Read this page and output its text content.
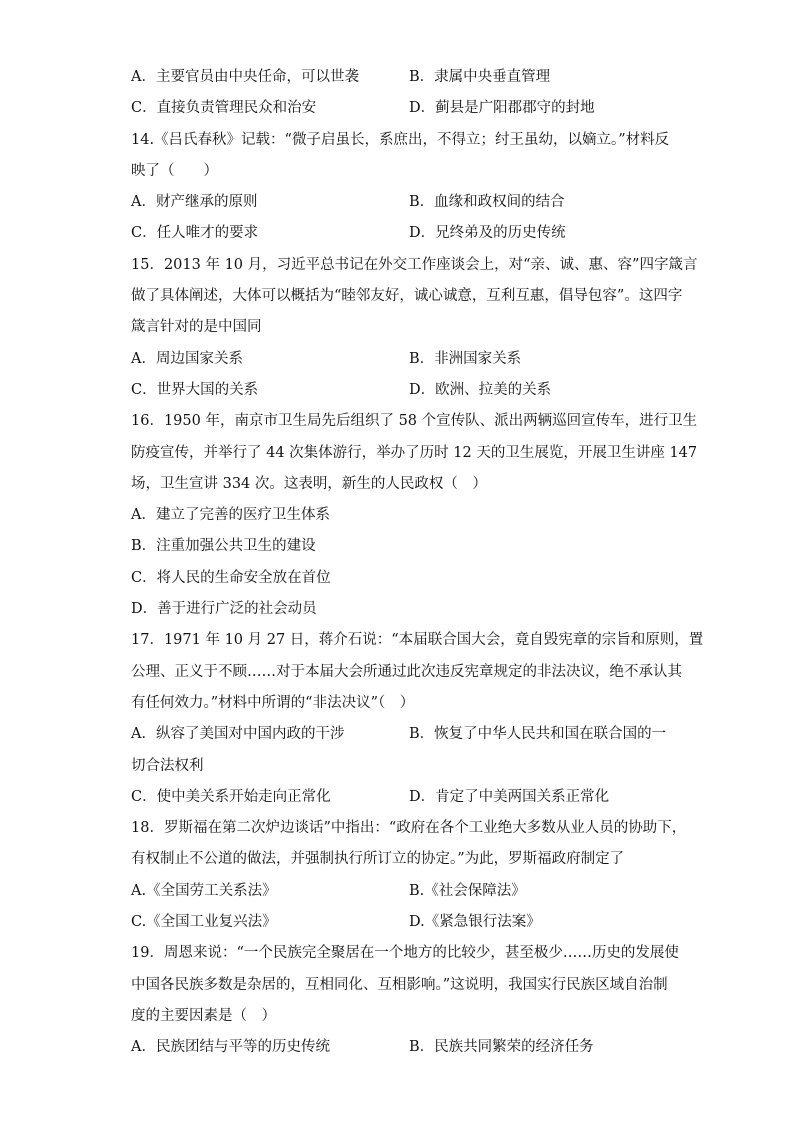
A．主要官员由中央任命，可以世袭	B．隶属中央垂直管理
C．直接负责管理民众和治安	D．蓟县是广阳郡郡守的封地
14.《吕氏春秋》记载：“微子启虽长，系庶出，不得立；纣王虽幼，以嫡立。”材料反
映了（　　）
A．财产继承的原则	B．血缘和政权间的结合
C．任人唯才的要求	D．兄终弟及的历史传统
15．2013 年 10 月，习近平总书记在外交工作座谈会上，对“亲、诚、惠、容”四字箴言
做了具体阐述，大体可以概括为“睦邻友好，诚心诚意，互利互惠，倡导包容”。这四字
箴言针对的是中国同
A．周边国家关系	B．非洲国家关系
C．世界大国的关系	D．欧洲、拉美的关系
16．1950 年，南京市卫生局先后组织了 58 个宣传队、派出两辆巡回宣传车，进行卫生
防疫宣传，并举行了 44 次集体游行，举办了历时 12 天的卫生展览，开展卫生讲座 147
场，卫生宣讲 334 次。这表明，新生的人民政权（　）
A．建立了完善的医疗卫生体系
B．注重加强公共卫生的建设
C．将人民的生命安全放在首位
D．善于进行广泛的社会动员
17．1971 年 10 月 27 日，蒋介石说：“本届联合国大会，竟自毁宪章的宗旨和原则，置
公理、正义于不顾……对于本届大会所通过此次违反宪章规定的非法决议，绝不承认其
有任何效力。”材料中所谓的“非法决议”（　）
A．纵容了美国对中国内政的干涉	B．恢复了中华人民共和国在联合国的一
切合法权利
C．使中美关系开始走向正常化	D．肯定了中美两国关系正常化
18．罗斯福在第二次炉边谈话”中指出：“政府在各个工业绝大多数从业人员的协助下，
有权制止不公道的做法，并强制执行所订立的协定。”为此，罗斯福政府制定了
A.《全国劳工关系法》	B.《社会保障法》
C.《全国工业复兴法》	D.《紧急银行法案》
19．周恩来说：“一个民族完全聚居在一个地方的比较少，甚至极少……历史的发展使
中国各民族多数是杂居的，互相同化、互相影响。”这说明，我国实行民族区域自治制
度的主要因素是（　）
A．民族团结与平等的历史传统	B．民族共同繁荣的经济任务
